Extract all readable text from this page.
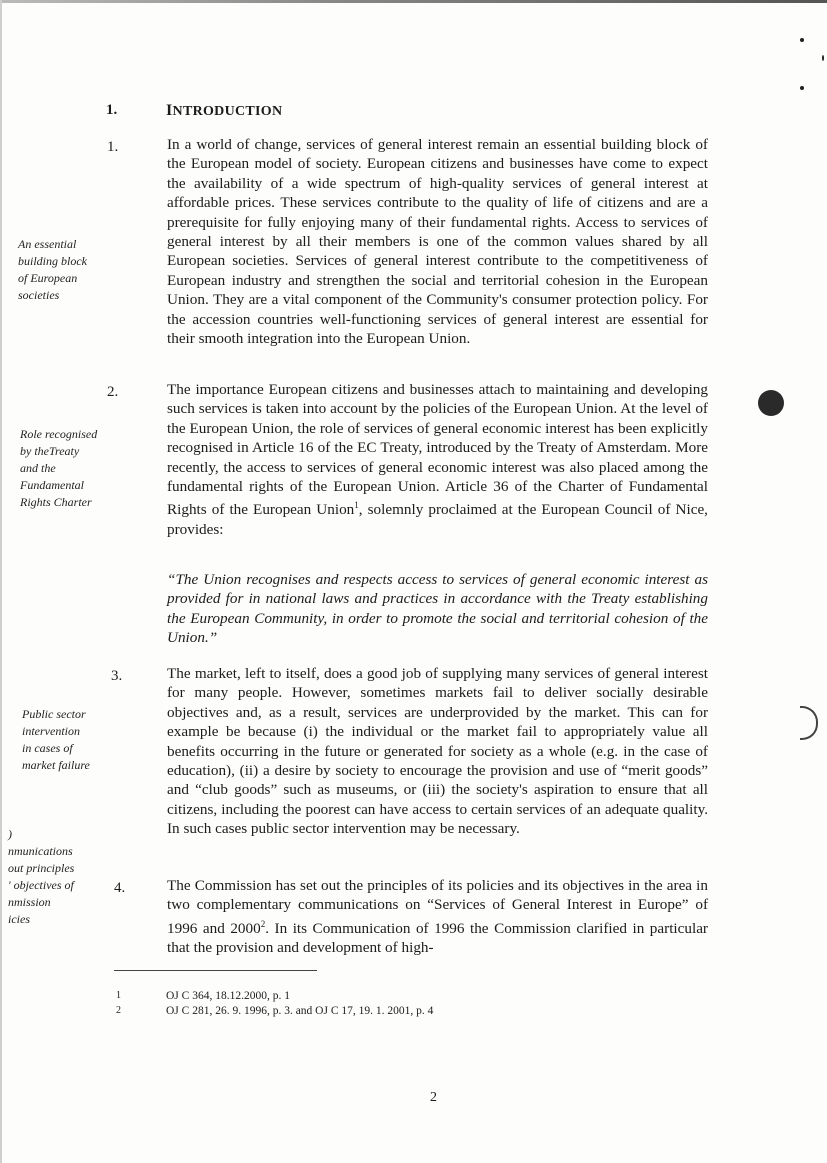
1.	INTRODUCTION
1.	In a world of change, services of general interest remain an essential building block of the European model of society. European citizens and businesses have come to expect the availability of a wide spectrum of high-quality services of general interest at affordable prices. These services contribute to the quality of life of citizens and are a prerequisite for fully enjoying many of their fundamental rights. Access to services of general interest by all their members is one of the common values shared by all European societies. Services of general interest contribute to the competitiveness of European industry and strengthen the social and territorial cohesion in the European Union. They are a vital component of the Community's consumer protection policy. For the accession countries well-functioning services of general interest are essential for their smooth integration into the European Union.

2.	The importance European citizens and businesses attach to maintaining and developing such services is taken into account by the policies of the European Union. At the level of the European Union, the role of services of general economic interest has been explicitly recognised in Article 16 of the EC Treaty, introduced by the Treaty of Amsterdam. More recently, the access to services of general economic interest was also placed among the fundamental rights of the European Union. Article 36 of the Charter of Fundamental Rights of the European Union$^1$, solemnly proclaimed at the European Council of Nice, provides:

“The Union recognises and respects access to services of general economic interest as provided for in national laws and practices in accordance with the Treaty establishing the European Community, in order to promote the social and territorial cohesion of the Union.”

3.	The market, left to itself, does a good job of supplying many services of general interest for many people. However, sometimes markets fail to deliver socially desirable objectives and, as a result, services are underprovided by the market. This can for example be because (i) the individual or the market fail to appropriately value all benefits occurring in the future or generated for society as a whole (e.g. in the case of education), (ii) a desire by society to encourage the provision and use of “merit goods” and “club goods” such as museums, or (iii) the society's aspiration to ensure that all citizens, including the poorest can have access to certain services of an adequate quality. In such cases public sector intervention may be necessary.

4.	The Commission has set out the principles of its policies and its objectives in the area in two complementary communications on “Services of General Interest in Europe” of 1996 and 2000$^2$. In its Communication of 1996 the Commission clarified in particular that the provision and development of high-

An essential
building block
of European
societies
Role recognised
by theTreaty
and the
Fundamental
Rights Charter
Public sector
intervention
in cases of
market failure
)
nmunications
out principles
' objectives of
nmission
icies
1	OJ C 364, 18.12.2000, p. 1
2	OJ C 281, 26. 9. 1996, p. 3. and OJ C 17, 19. 1. 2001, p. 4
2
